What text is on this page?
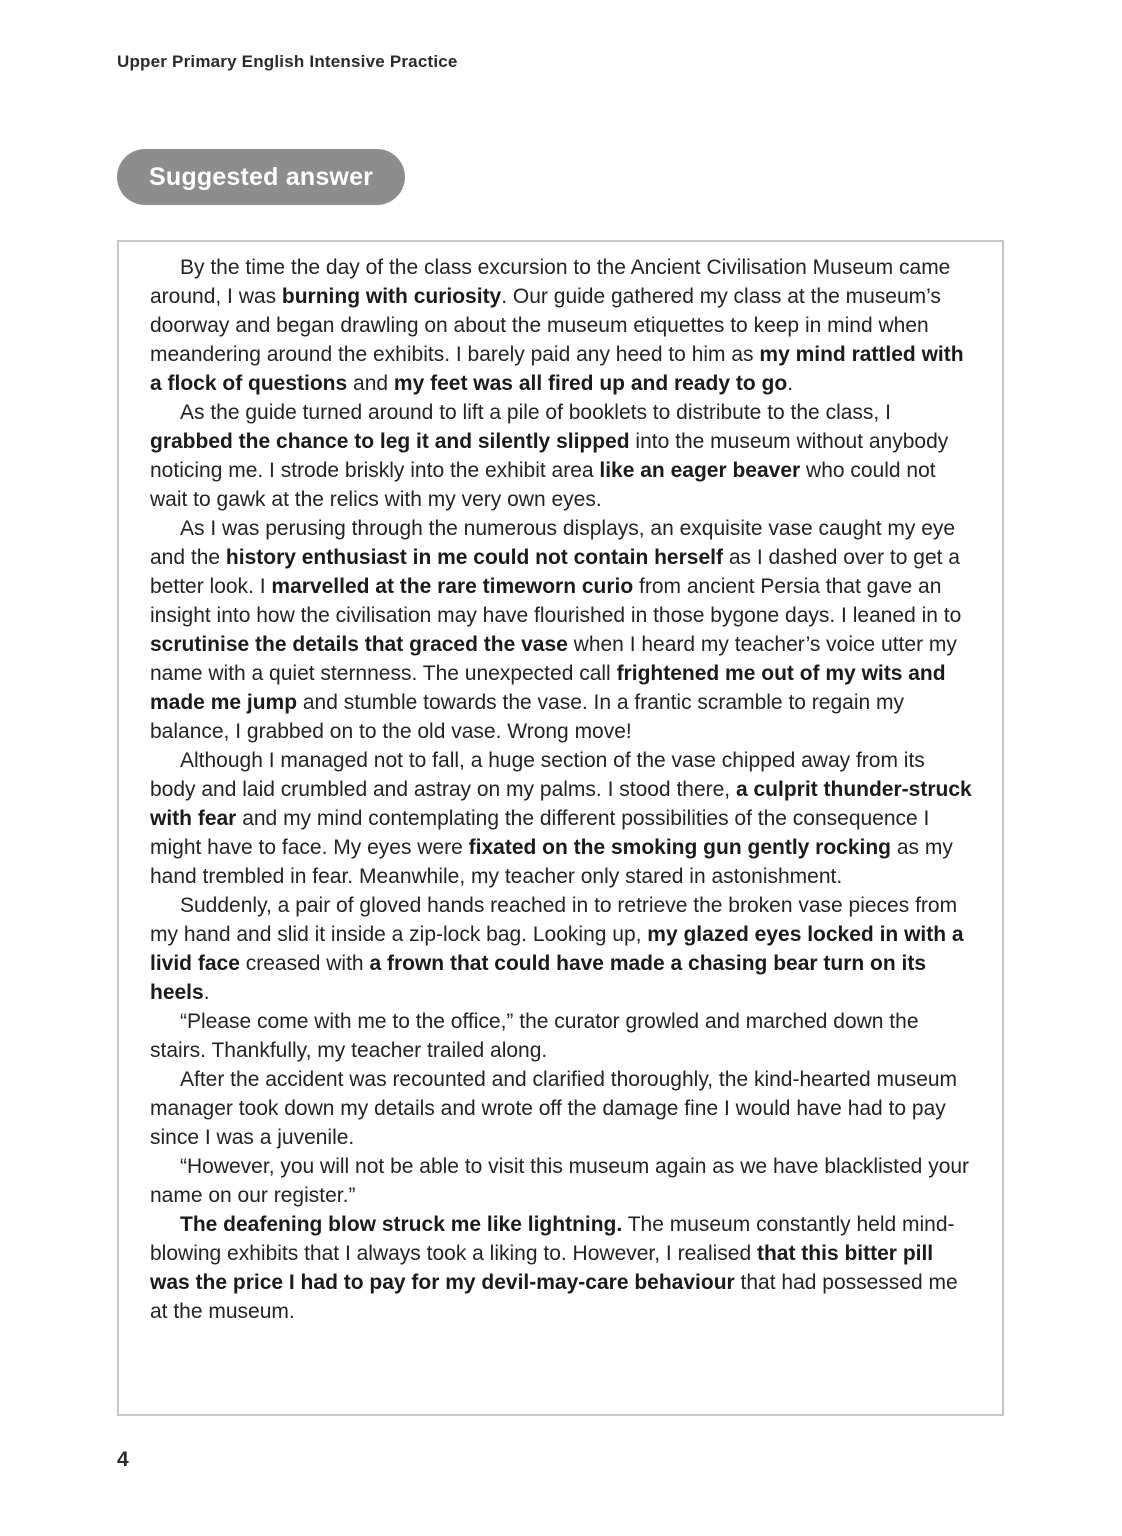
Upper Primary English Intensive Practice
Suggested answer

By the time the day of the class excursion to the Ancient Civilisation Museum came around, I was burning with curiosity. Our guide gathered my class at the museum’s doorway and began drawling on about the museum etiquettes to keep in mind when meandering around the exhibits. I barely paid any heed to him as my mind rattled with a flock of questions and my feet was all fired up and ready to go.

As the guide turned around to lift a pile of booklets to distribute to the class, I grabbed the chance to leg it and silently slipped into the museum without anybody noticing me. I strode briskly into the exhibit area like an eager beaver who could not wait to gawk at the relics with my very own eyes.

As I was perusing through the numerous displays, an exquisite vase caught my eye and the history enthusiast in me could not contain herself as I dashed over to get a better look. I marvelled at the rare timeworn curio from ancient Persia that gave an insight into how the civilisation may have flourished in those bygone days. I leaned in to scrutinise the details that graced the vase when I heard my teacher’s voice utter my name with a quiet sternness. The unexpected call frightened me out of my wits and made me jump and stumble towards the vase. In a frantic scramble to regain my balance, I grabbed on to the old vase. Wrong move!

Although I managed not to fall, a huge section of the vase chipped away from its body and laid crumbled and astray on my palms. I stood there, a culprit thunder-struck with fear and my mind contemplating the different possibilities of the consequence I might have to face. My eyes were fixated on the smoking gun gently rocking as my hand trembled in fear. Meanwhile, my teacher only stared in astonishment.

Suddenly, a pair of gloved hands reached in to retrieve the broken vase pieces from my hand and slid it inside a zip-lock bag. Looking up, my glazed eyes locked in with a livid face creased with a frown that could have made a chasing bear turn on its heels.

“Please come with me to the office,” the curator growled and marched down the stairs. Thankfully, my teacher trailed along.

After the accident was recounted and clarified thoroughly, the kind-hearted museum manager took down my details and wrote off the damage fine I would have had to pay since I was a juvenile.

“However, you will not be able to visit this museum again as we have blacklisted your name on our register.”

The deafening blow struck me like lightning. The museum constantly held mind-blowing exhibits that I always took a liking to. However, I realised that this bitter pill was the price I had to pay for my devil-may-care behaviour that had possessed me at the museum.

4
